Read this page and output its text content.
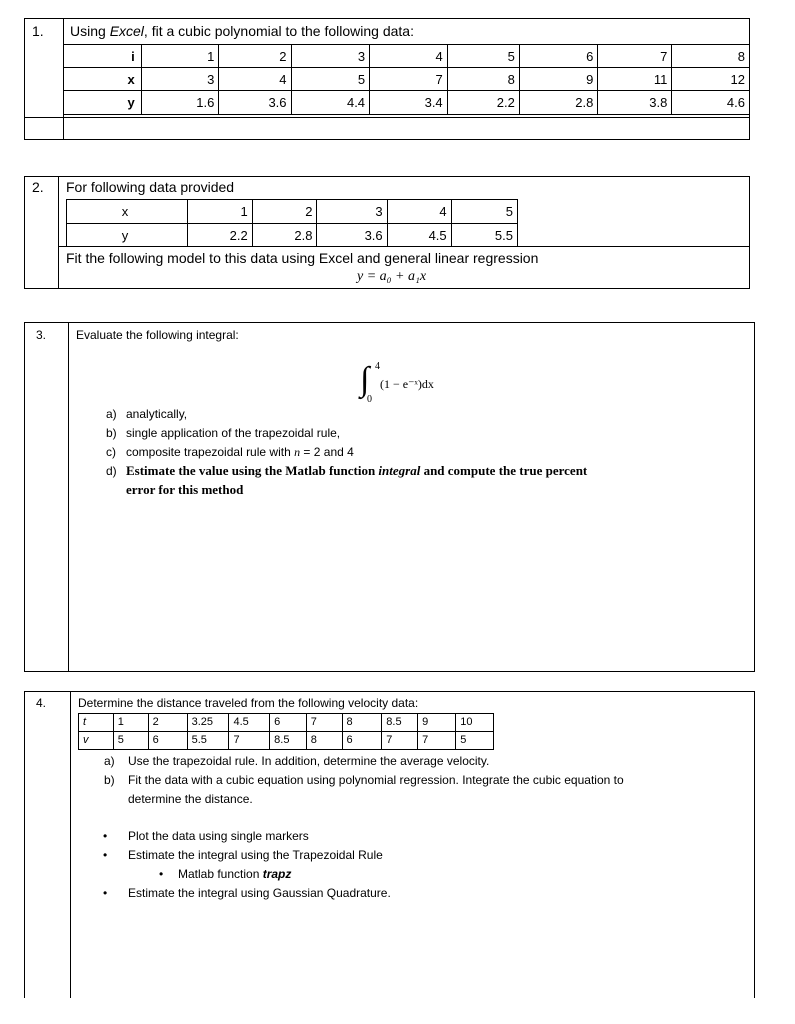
1. Using Excel, fit a cubic polynomial to the following data:
i	1	2	3	4	5	6	7	8
x	3	4	5	7	8	9	11	12
y	1.6	3.6	4.4	3.4	2.2	2.8	3.8	4.6
2. For following data provided
x	1	2	3	4	5
y	2.2	2.8	3.6	4.5	5.5
Fit the following model to this data using Excel and general linear regression
y = a₀ + a₁x
3. Evaluate the following integral:
∫ 4
0
(1 − e⁻ˣ)dx
a) analytically,
b) single application of the trapezoidal rule,
c) composite trapezoidal rule with n = 2 and 4
d) Estimate the value using the Matlab function integral and compute the true percent
error for this method
4.	Determine the distance traveled from the following velocity data:
t	1	2	3.25	4.5	6	7	8	8.5	9	10
v	5	6	5.5	7	8.5	8	6	7	7	5
a) Use the trapezoidal rule. In addition, determine the average velocity.
b) Fit the data with a cubic equation using polynomial regression. Integrate the cubic equation to
determine the distance.
• Plot the data using single markers
• Estimate the integral using the Trapezoidal Rule
• Matlab function trapz
• Estimate the integral using Gaussian Quadrature.
